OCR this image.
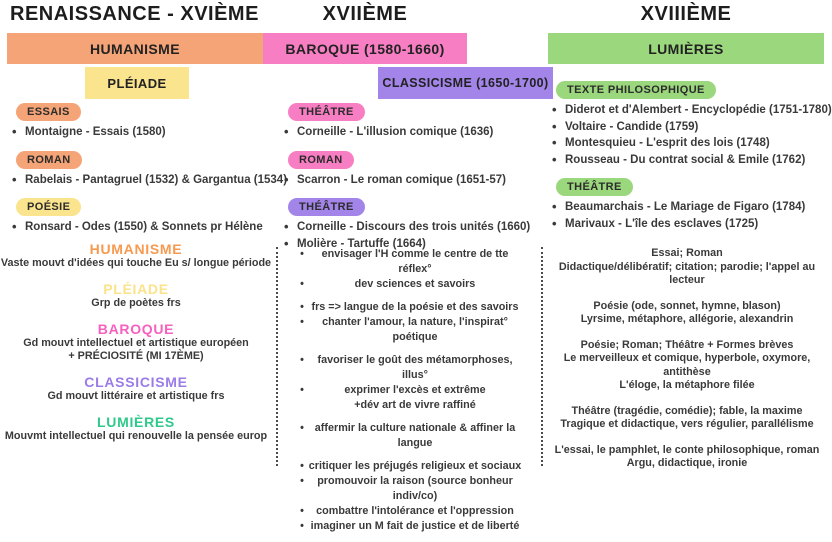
RENAISSANCE - XVIÈME	XVIIÈME	XVIIIÈME
HUMANISME	BAROQUE (1580-1660)	LUMIÈRES
PLÉIADE	CLASSICISME (1650-1700)
ESSAIS
• Montaigne - Essais (1580)
ROMAN
• Rabelais - Pantagruel (1532) & Gargantua (1534)
POÉSIE
• Ronsard - Odes (1550) & Sonnets pr Hélène
THÉÂTRE
• Corneille - L'illusion comique (1636)
ROMAN
• Scarron - Le roman comique (1651-57)
THÉÂTRE
• Corneille - Discours des trois unités (1660)
• Molière - Tartuffe (1664)
TEXTE PHILOSOPHIQUE
• Diderot et d'Alembert - Encyclopédie (1751-1780)
• Voltaire - Candide (1759)
• Montesquieu - L'esprit des lois (1748)
• Rousseau - Du contrat social & Emile (1762)
THÉÂTRE
• Beaumarchais - Le Mariage de Figaro (1784)
• Marivaux - L'île des esclaves (1725)
HUMANISME
Vaste mouvt d'idées qui touche Eu s/ longue période
PLÉIADE
Grp de poètes frs
BAROQUE
Gd mouvt intellectuel et artistique européen
+ PRÉCIOSITÉ (MI 17ÈME)
CLASSICISME
Gd mouvt littéraire et artistique frs
LUMIÈRES
Mouvmt intellectuel qui renouvelle la pensée europ
•	envisager l'H comme le centre de tte réflex°
•	dev sciences et savoirs
• frs => langue de la poésie et des savoirs
•	chanter l'amour, la nature, l'inspirat° poétique
•	favoriser le goût des métamorphoses, illus°
•	exprimer l'excès et extrême
+dév art de vivre raffiné
•	affermir la culture nationale & affiner la langue
• critiquer les préjugés religieux et sociaux
•	promouvoir la raison (source bonheur indiv/co)
•	combattre l'intolérance et l'oppression
• imaginer un M fait de justice et de liberté
Essai; Roman
Didactique/délibératif; citation; parodie; l'appel au lecteur
Poésie (ode, sonnet, hymne, blason)
Lyrsime, métaphore, allégorie, alexandrin
Poésie; Roman; Théâtre + Formes brèves
Le merveilleux et comique, hyperbole, oxymore, antithèse
L'éloge, la métaphore filée
Théâtre (tragédie, comédie); fable, la maxime
Tragique et didactique, vers régulier, parallélisme
L'essai, le pamphlet, le conte philosophique, roman
Argu, didactique, ironie
